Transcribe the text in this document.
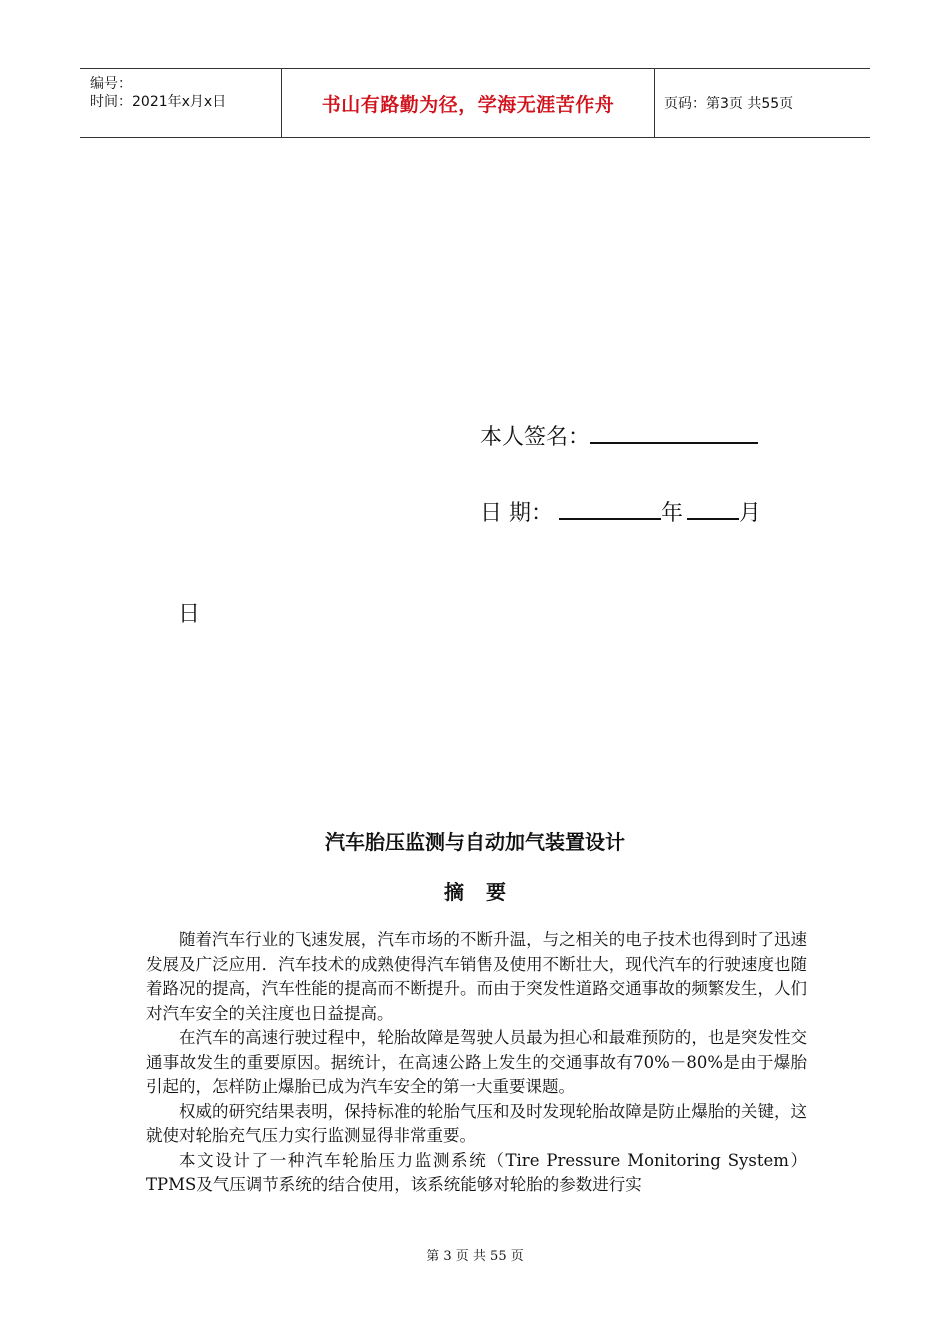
编号：
时间：2021年x月x日	书山有路勤为径，学海无涯苦作舟	页码：第3页 共55页
本人签名：
日 期：	年	月
日
汽车胎压监测与自动加气装置设计
摘要

随着汽车行业的飞速发展，汽车市场的不断升温，与之相关的电子技术也得到时了迅速发展及广泛应用．汽车技术的成熟使得汽车销售及使用不断壮大，现代汽车的行驶速度也随着路况的提高，汽车性能的提高而不断提升。而由于突发性道路交通事故的频繁发生，人们对汽车安全的关注度也日益提高。

在汽车的高速行驶过程中，轮胎故障是驾驶人员最为担心和最难预防的，也是突发性交通事故发生的重要原因。据统计，在高速公路上发生的交通事故有70%－80%是由于爆胎引起的，怎样防止爆胎已成为汽车安全的第一大重要课题。

权威的研究结果表明，保持标准的轮胎气压和及时发现轮胎故障是防止爆胎的关键，这就使对轮胎充气压力实行监测显得非常重要。

本文设计了一种汽车轮胎压力监测系统（Tire Pressure Monitoring System）TPMS及气压调节系统的结合使用，该系统能够对轮胎的参数进行实

第 3 页 共 55 页
